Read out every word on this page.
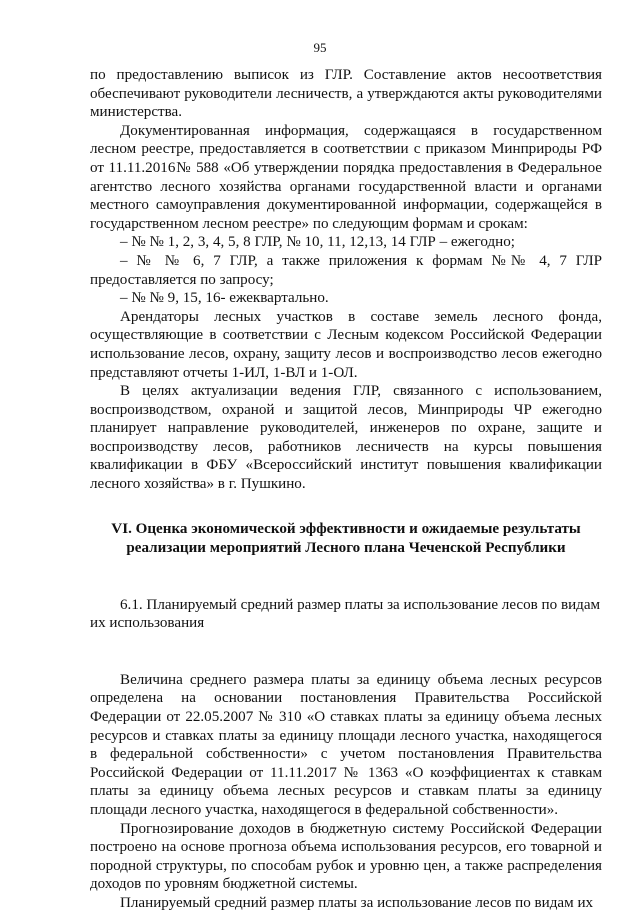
95

по предоставлению выписок из ГЛР. Составление актов несоответствия обеспечивают руководители лесничеств, а утверждаются акты руководителями министерства.

Документированная информация, содержащаяся в государственном лесном реестре, предоставляется в соответствии с приказом Минприроды РФ от 11.11.2016№ 588 «Об утверждении порядка предоставления в Федеральное агентство лесного хозяйства органами государственной власти и органами местного самоуправления документированной информации, содержащейся в государственном лесном реестре» по следующим формам и срокам:

– № № 1, 2, 3, 4, 5, 8 ГЛР, № 10, 11, 12,13, 14 ГЛР – ежегодно;

– № № 6, 7 ГЛР, а также приложения к формам №№ 4, 7 ГЛР предоставляется по запросу;

– № № 9, 15, 16- ежеквартально.

Арендаторы лесных участков в составе земель лесного фонда, осуществляющие в соответствии с Лесным кодексом Российской Федерации использование лесов, охрану, защиту лесов и воспроизводство лесов ежегодно представляют отчеты 1-ИЛ, 1-ВЛ и 1-ОЛ.

В целях актуализации ведения ГЛР, связанного с использованием, воспроизводством, охраной и защитой лесов, Минприроды ЧР ежегодно планирует направление руководителей, инженеров по охране, защите и воспроизводству лесов, работников лесничеств на курсы повышения квалификации в ФБУ «Всероссийский институт повышения квалификации лесного хозяйства» в г. Пушкино.

VI. Оценка экономической эффективности и ожидаемые результаты реализации мероприятий Лесного плана Чеченской Республики

6.1. Планируемый средний размер платы за использование лесов по видам их использования

Величина среднего размера платы за единицу объема лесных ресурсов определена на основании постановления Правительства Российской Федерации от 22.05.2007 № 310 «О ставках платы за единицу объема лесных ресурсов и ставках платы за единицу площади лесного участка, находящегося в федеральной собственности» с учетом постановления Правительства Российской Федерации от 11.11.2017 № 1363 «О коэффициентах к ставкам платы за единицу объема лесных ресурсов и ставкам платы за единицу площади лесного участка, находящегося в федеральной собственности».

Прогнозирование доходов в бюджетную систему Российской Федерации построено на основе прогноза объема использования ресурсов, его товарной и породной структуры, по способам рубок и уровню цен, а также распределения доходов по уровням бюджетной системы.

Планируемый средний размер платы за использование лесов по видам их
